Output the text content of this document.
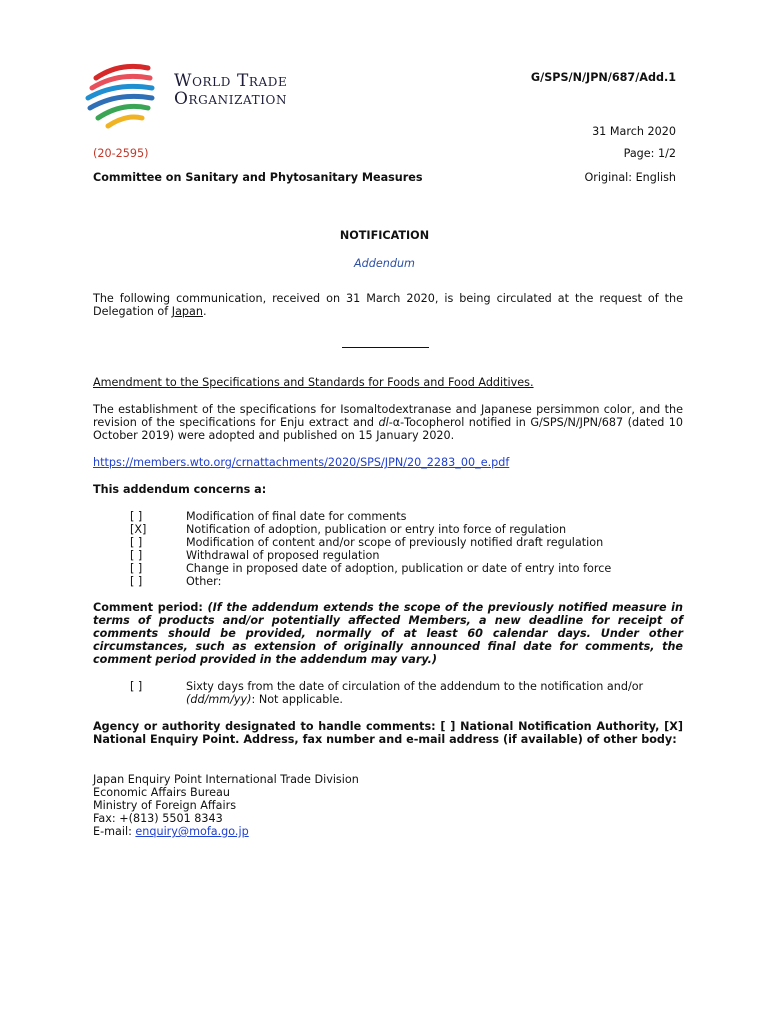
World Trade
Organization
G/SPS/N/JPN/687/Add.1
31 March 2020
(20-2595)	Page: 1/2
Committee on Sanitary and Phytosanitary Measures	Original: English
NOTIFICATION
Addendum
The following communication, received on 31 March 2020, is being circulated at the request of the Delegation of Japan.
Amendment to the Specifications and Standards for Foods and Food Additives.
The establishment of the specifications for Isomaltodextranase and Japanese persimmon color, and the revision of the specifications for Enju extract and dl-α-Tocopherol notified in G/SPS/N/JPN/687 (dated 10 October 2019) were adopted and published on 15 January 2020.
https://members.wto.org/crnattachments/2020/SPS/JPN/20_2283_00_e.pdf
This addendum concerns a:
[ ]	Modification of final date for comments
[X]	Notification of adoption, publication or entry into force of regulation
[ ]	Modification of content and/or scope of previously notified draft regulation
[ ]	Withdrawal of proposed regulation
[ ]	Change in proposed date of adoption, publication or date of entry into force
[ ]	Other:
Comment period: (If the addendum extends the scope of the previously notified measure in terms of products and/or potentially affected Members, a new deadline for receipt of comments should be provided, normally of at least 60 calendar days. Under other circumstances, such as extension of originally announced final date for comments, the comment period provided in the addendum may vary.)
[ ]	Sixty days from the date of circulation of the addendum to the notification and/or
(dd/mm/yy): Not applicable.
Agency or authority designated to handle comments: [ ] National Notification Authority, [X] National Enquiry Point. Address, fax number and e-mail address (if available) of other body:
Japan Enquiry Point International Trade Division
Economic Affairs Bureau
Ministry of Foreign Affairs
Fax: +(813) 5501 8343
E-mail: enquiry@mofa.go.jp
